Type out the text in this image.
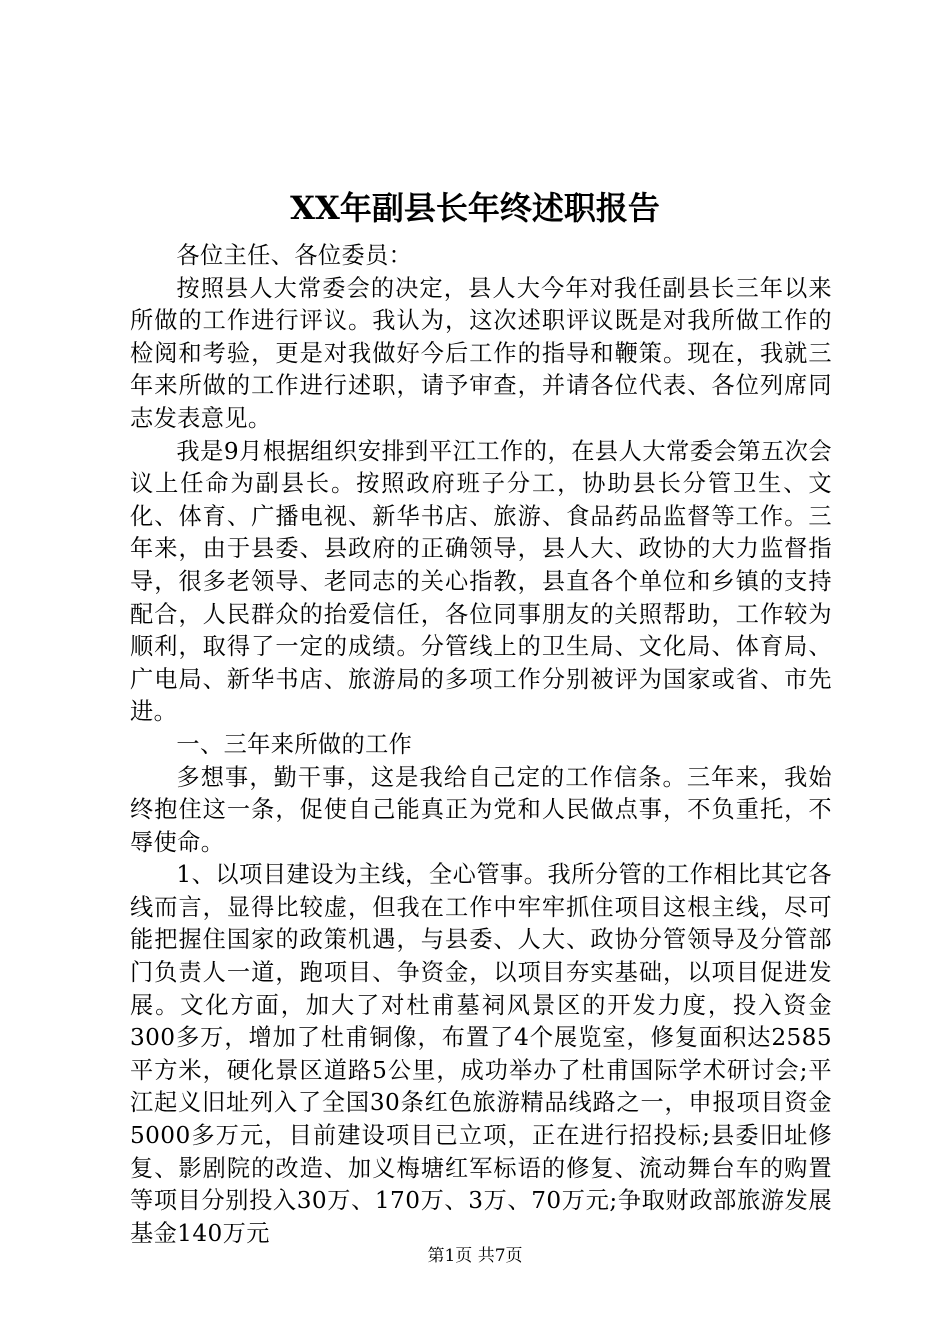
XX年副县长年终述职报告

各位主任、各位委员：

按照县人大常委会的决定，县人大今年对我任副县长三年以来所做的工作进行评议。我认为，这次述职评议既是对我所做工作的检阅和考验，更是对我做好今后工作的指导和鞭策。现在，我就三年来所做的工作进行述职，请予审查，并请各位代表、各位列席同志发表意见。

我是9月根据组织安排到平江工作的，在县人大常委会第五次会议上任命为副县长。按照政府班子分工，协助县长分管卫生、文化、体育、广播电视、新华书店、旅游、食品药品监督等工作。三年来，由于县委、县政府的正确领导，县人大、政协的大力监督指导，很多老领导、老同志的关心指教，县直各个单位和乡镇的支持配合，人民群众的抬爱信任，各位同事朋友的关照帮助，工作较为顺利，取得了一定的成绩。分管线上的卫生局、文化局、体育局、广电局、新华书店、旅游局的多项工作分别被评为国家或省、市先进。

一、三年来所做的工作

多想事，勤干事，这是我给自己定的工作信条。三年来，我始终抱住这一条，促使自己能真正为党和人民做点事，不负重托，不辱使命。

1、以项目建设为主线，全心管事。我所分管的工作相比其它各线而言，显得比较虚，但我在工作中牢牢抓住项目这根主线，尽可能把握住国家的政策机遇，与县委、人大、政协分管领导及分管部门负责人一道，跑项目、争资金，以项目夯实基础，以项目促进发展。文化方面，加大了对杜甫墓祠风景区的开发力度，投入资金300多万，增加了杜甫铜像，布置了4个展览室，修复面积达2585平方米，硬化景区道路5公里，成功举办了杜甫国际学术研讨会;平江起义旧址列入了全国30条红色旅游精品线路之一，申报项目资金5000多万元，目前建设项目已立项，正在进行招投标;县委旧址修复、影剧院的改造、加义梅塘红军标语的修复、流动舞台车的购置等项目分别投入30万、170万、3万、70万元;争取财政部旅游发展基金140万元

第1页 共7页
